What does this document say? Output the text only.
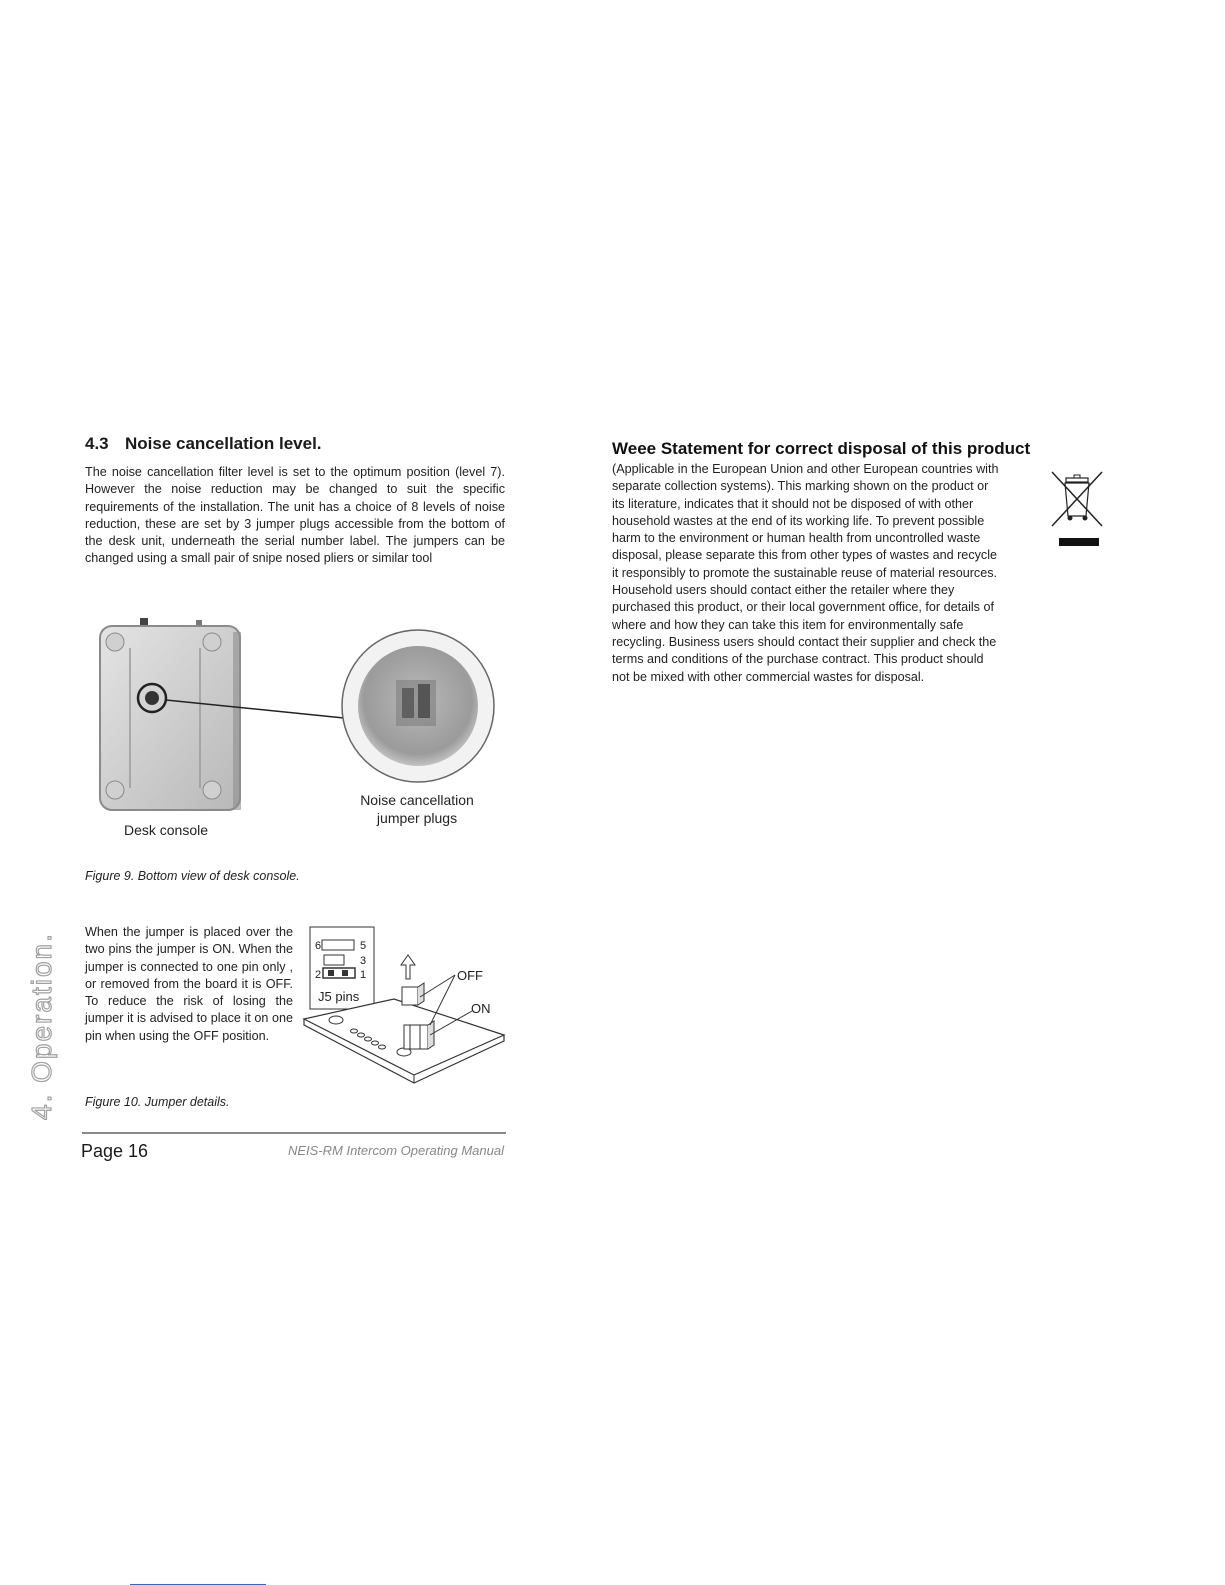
4.3 Noise cancellation level.
The noise cancellation filter level is set to the optimum position (level 7). However the noise reduction may be changed to suit the specific requirements of the installation. The unit has a choice of 8 levels of noise reduction, these are set by 3 jumper plugs accessible from the bottom of the desk unit, underneath the serial number label. The jumpers can be changed using a small pair of snipe nosed pliers or similar tool
Desk console
Noise cancellation
jumper plugs
Figure 9. Bottom view of desk console.
When the jumper is placed over the two pins the jumper is ON. When the jumper is connected to one pin only , or removed from the board it is OFF. To reduce the risk of losing the jumper it is advised to place it on one pin when using the OFF position.
6	5
3
2	1
J5 pins
OFF
ON
Figure 10. Jumper details.
Page 16	NEIS-RM Intercom Operating Manual
4. Operation.
Weee Statement for correct disposal of this product
(Applicable in the European Union and other European countries with
separate collection systems). This marking shown on the product or
its literature, indicates that it should not be disposed of with other
household wastes at the end of its working life. To prevent possible
harm to the environment or human health from uncontrolled waste
disposal, please separate this from other types of wastes and recycle
it responsibly to promote the sustainable reuse of material resources.
Household users should contact either the retailer where they
purchased this product, or their local government office, for details of
where and how they can take this item for environmentally safe
recycling. Business users should contact their supplier and check the
terms and conditions of the purchase contract. This product should
not be mixed with other commercial wastes for disposal.
